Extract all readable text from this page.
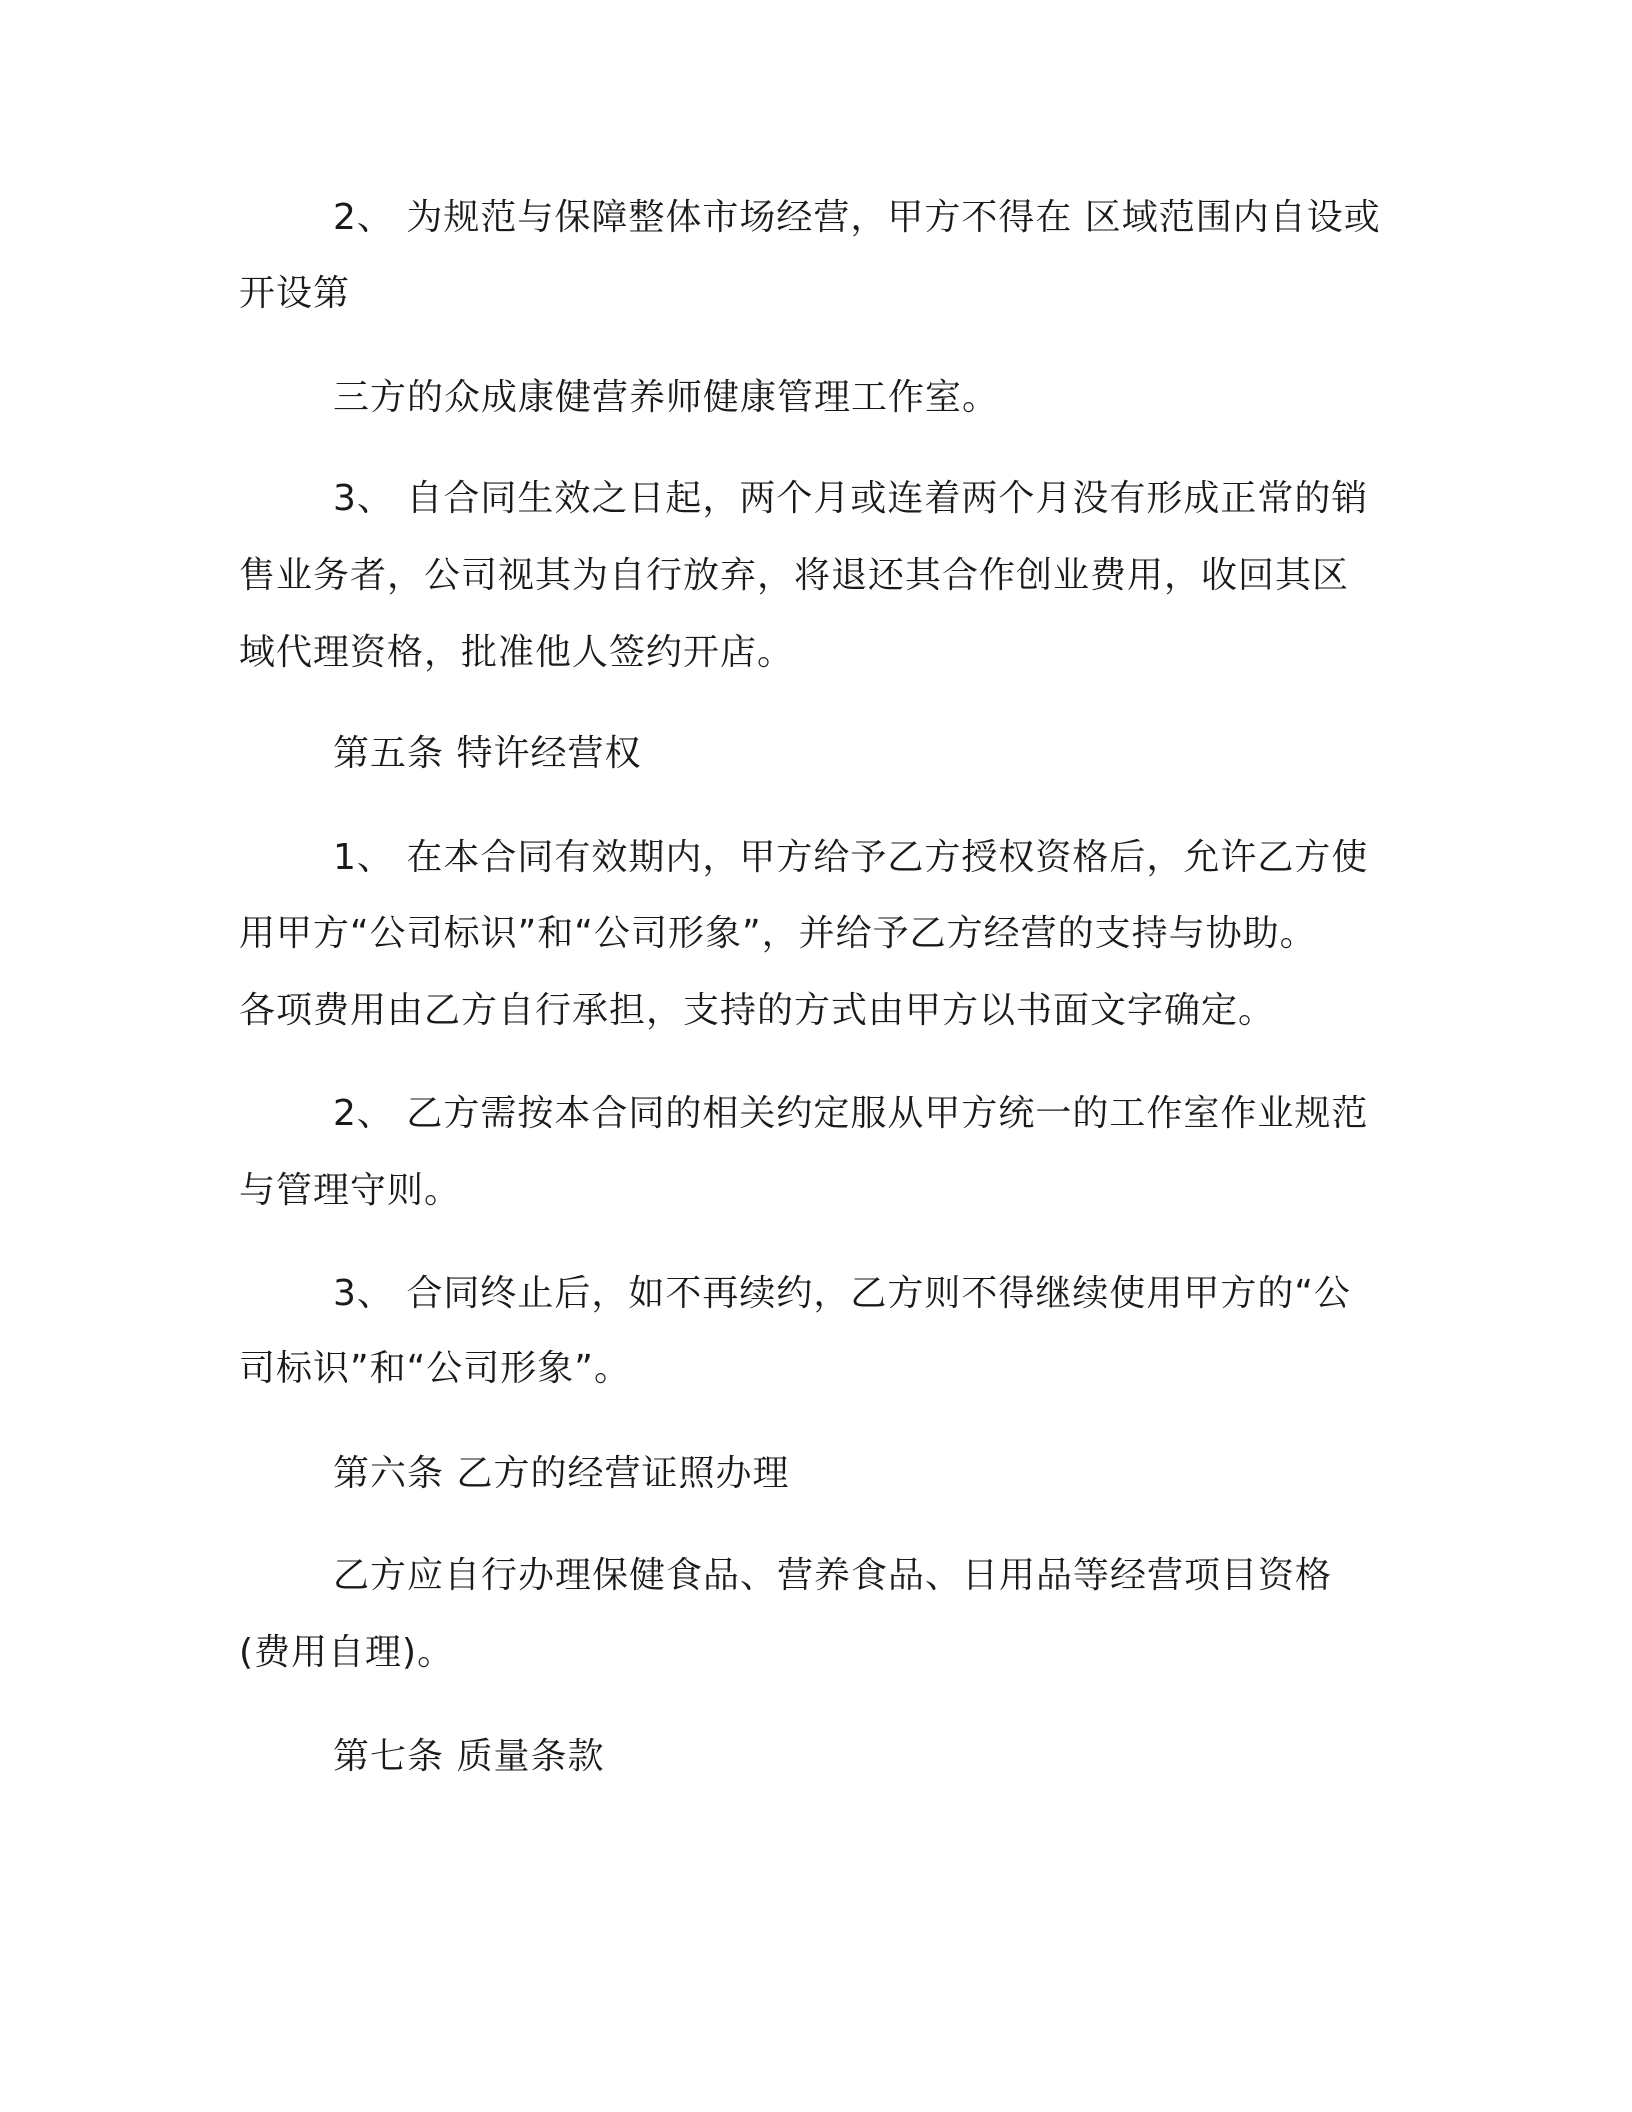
2、 为规范与保障整体市场经营，甲方不得在 区域范围内自设或
开设第
三方的众成康健营养师健康管理工作室。
3、 自合同生效之日起，两个月或连着两个月没有形成正常的销
售业务者，公司视其为自行放弃，将退还其合作创业费用，收回其区
域代理资格，批准他人签约开店。
第五条 特许经营权
1、 在本合同有效期内，甲方给予乙方授权资格后，允许乙方使
用甲方“公司标识”和“公司形象”，并给予乙方经营的支持与协助。
各项费用由乙方自行承担，支持的方式由甲方以书面文字确定。
2、 乙方需按本合同的相关约定服从甲方统一的工作室作业规范
与管理守则。
3、 合同终止后，如不再续约，乙方则不得继续使用甲方的“公
司标识”和“公司形象”。
第六条 乙方的经营证照办理
乙方应自行办理保健食品、营养食品、日用品等经营项目资格
(费用自理)。
第七条 质量条款
